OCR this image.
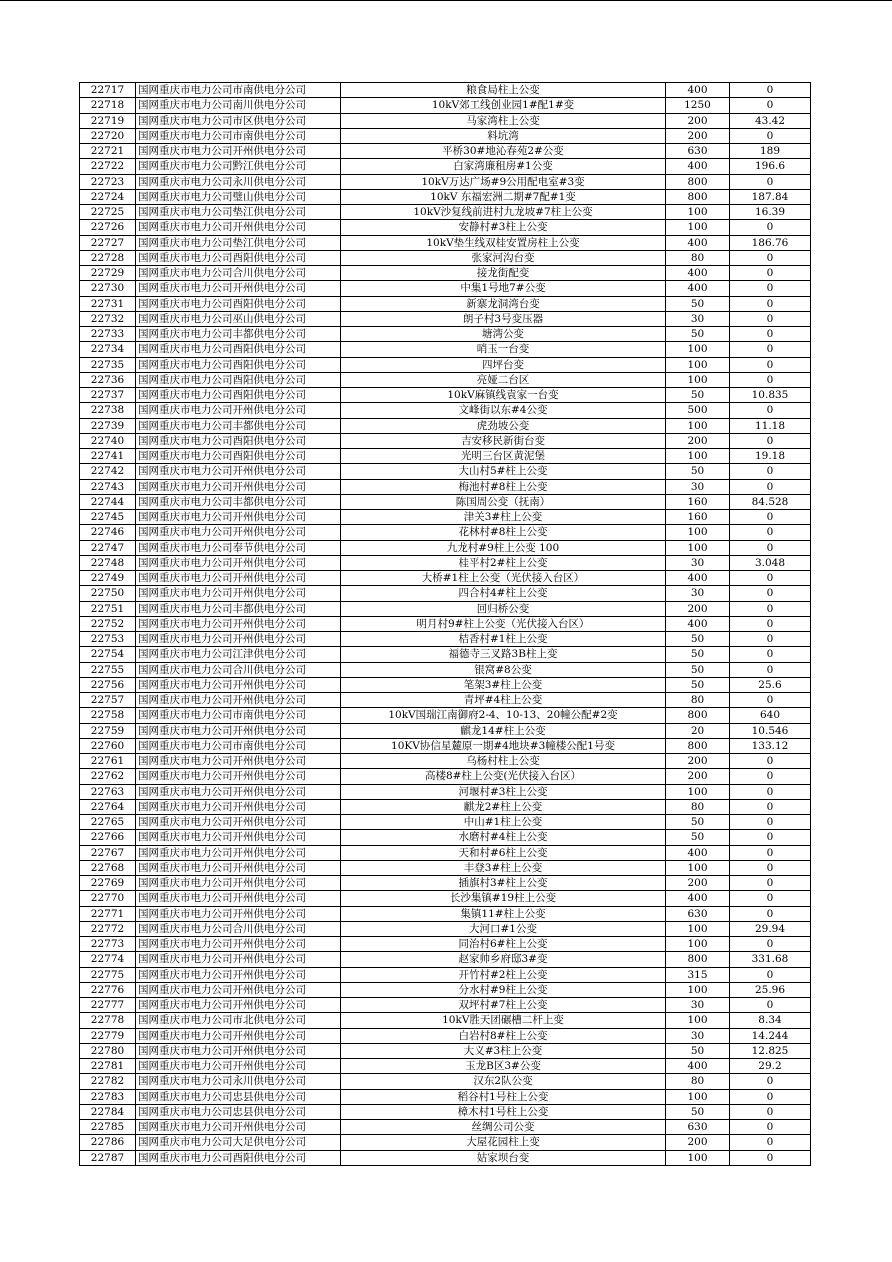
22717	国网重庆市电力公司市南供电分公司	粮食局柱上公变	400	0
22718	国网重庆市电力公司南川供电分公司	10kV郊工线创业园1#配1#变	1250	0
22719	国网重庆市电力公司市区供电分公司	马家湾柱上公变	200	43.42
22720	国网重庆市电力公司市南供电分公司	料坑湾	200	0
22721	国网重庆市电力公司开州供电分公司	平桥30#地沁春苑2#公变	630	189
22722	国网重庆市电力公司黔江供电分公司	白家湾廉租房#1公变	400	196.6
22723	国网重庆市电力公司永川供电分公司	10kV万达广场#9公用配电室#3变	800	0
22724	国网重庆市电力公司璧山供电分公司	10kV 东福宏洲二期#7配#1变	800	187.84
22725	国网重庆市电力公司垫江供电分公司	10kV沙复线前进村九龙坡#7柱上公变	100	16.39
22726	国网重庆市电力公司开州供电分公司	安静村#3柱上公变	100	0
22727	国网重庆市电力公司垫江供电分公司	10kV垫生线双桂安置房柱上公变	400	186.76
22728	国网重庆市电力公司酉阳供电分公司	张家河沟台变	80	0
22729	国网重庆市电力公司合川供电分公司	接龙街配变	400	0
22730	国网重庆市电力公司开州供电分公司	中集1号地7#公变	400	0
22731	国网重庆市电力公司酉阳供电分公司	新寨龙洞湾台变	50	0
22732	国网重庆市电力公司巫山供电分公司	朗子村3号变压器	30	0
22733	国网重庆市电力公司丰都供电分公司	塘湾公变	50	0
22734	国网重庆市电力公司酉阳供电分公司	哨玉一台变	100	0
22735	国网重庆市电力公司酉阳供电分公司	四坪台变	100	0
22736	国网重庆市电力公司酉阳供电分公司	亮娅二台区	100	0
22737	国网重庆市电力公司酉阳供电分公司	10kV麻镇线袁家一台变	50	10.835
22738	国网重庆市电力公司开州供电分公司	文峰街以东#4公变	500	0
22739	国网重庆市电力公司丰都供电分公司	虎劲坡公变	100	11.18
22740	国网重庆市电力公司酉阳供电分公司	吉安移民新街台变	200	0
22741	国网重庆市电力公司酉阳供电分公司	光明三台区黄泥堡	100	19.18
22742	国网重庆市电力公司开州供电分公司	大山村5#柱上公变	50	0
22743	国网重庆市电力公司开州供电分公司	梅池村#8柱上公变	30	0
22744	国网重庆市电力公司丰都供电分公司	陈国周公变（抚南）	160	84.528
22745	国网重庆市电力公司开州供电分公司	津关3#柱上公变	160	0
22746	国网重庆市电力公司开州供电分公司	花林村#8柱上公变	100	0
22747	国网重庆市电力公司奉节供电分公司	九龙村#9柱上公变 100	100	0
22748	国网重庆市电力公司开州供电分公司	桂平村2#柱上公变	30	3.048
22749	国网重庆市电力公司开州供电分公司	大桥#1柱上公变（光伏接入台区）	400	0
22750	国网重庆市电力公司开州供电分公司	四合村4#柱上公变	30	0
22751	国网重庆市电力公司丰都供电分公司	回归桥公变	200	0
22752	国网重庆市电力公司开州供电分公司	明月村9#柱上公变（光伏接入台区）	400	0
22753	国网重庆市电力公司开州供电分公司	桔香村#1柱上公变	50	0
22754	国网重庆市电力公司江津供电分公司	福德寺三叉路3B柱上变	50	0
22755	国网重庆市电力公司合川供电分公司	银窝#8公变	50	0
22756	国网重庆市电力公司开州供电分公司	笔架3#柱上公变	50	25.6
22757	国网重庆市电力公司开州供电分公司	青坪#4柱上公变	80	0
22758	国网重庆市电力公司市南供电分公司	10kV国瑞江南御府2-4、10-13、20幢公配#2变	800	640
22759	国网重庆市电力公司开州供电分公司	麒龙14#柱上公变	20	10.546
22760	国网重庆市电力公司市南供电分公司	10KV协信星麓原一期#4地块#3幢楼公配1号变	800	133.12
22761	国网重庆市电力公司开州供电分公司	乌杨村柱上公变	200	0
22762	国网重庆市电力公司开州供电分公司	高楼8#柱上公变(光伏接入台区）	200	0
22763	国网重庆市电力公司开州供电分公司	河堰村#3柱上公变	100	0
22764	国网重庆市电力公司开州供电分公司	麒龙2#柱上公变	80	0
22765	国网重庆市电力公司开州供电分公司	中山#1柱上公变	50	0
22766	国网重庆市电力公司开州供电分公司	水磨村#4柱上公变	50	0
22767	国网重庆市电力公司开州供电分公司	天和村#6柱上公变	400	0
22768	国网重庆市电力公司开州供电分公司	丰登3#柱上公变	100	0
22769	国网重庆市电力公司开州供电分公司	插旗村3#柱上公变	200	0
22770	国网重庆市电力公司开州供电分公司	长沙集镇#19柱上公变	400	0
22771	国网重庆市电力公司开州供电分公司	集镇11#柱上公变	630	0
22772	国网重庆市电力公司合川供电分公司	大河口#1公变	100	29.94
22773	国网重庆市电力公司开州供电分公司	同治村6#柱上公变	100	0
22774	国网重庆市电力公司开州供电分公司	赵家帅乡府邸3#变	800	331.68
22775	国网重庆市电力公司开州供电分公司	开竹村#2柱上公变	315	0
22776	国网重庆市电力公司开州供电分公司	分水村#9柱上公变	100	25.96
22777	国网重庆市电力公司开州供电分公司	双坪村#7柱上公变	30	0
22778	国网重庆市电力公司市北供电分公司	10kV胜天团碾槽二杆上变	100	8.34
22779	国网重庆市电力公司开州供电分公司	白岩村8#柱上公变	30	14.244
22780	国网重庆市电力公司开州供电分公司	大义#3柱上公变	50	12.825
22781	国网重庆市电力公司开州供电分公司	玉龙B区3#公变	400	29.2
22782	国网重庆市电力公司永川供电分公司	汉东2队公变	80	0
22783	国网重庆市电力公司忠县供电分公司	稻谷村1号柱上公变	100	0
22784	国网重庆市电力公司忠县供电分公司	樟木村1号柱上公变	50	0
22785	国网重庆市电力公司开州供电分公司	丝绸公司公变	630	0
22786	国网重庆市电力公司大足供电分公司	大屋花园柱上变	200	0
22787	国网重庆市电力公司酉阳供电分公司	姑家坝台变	100	0
